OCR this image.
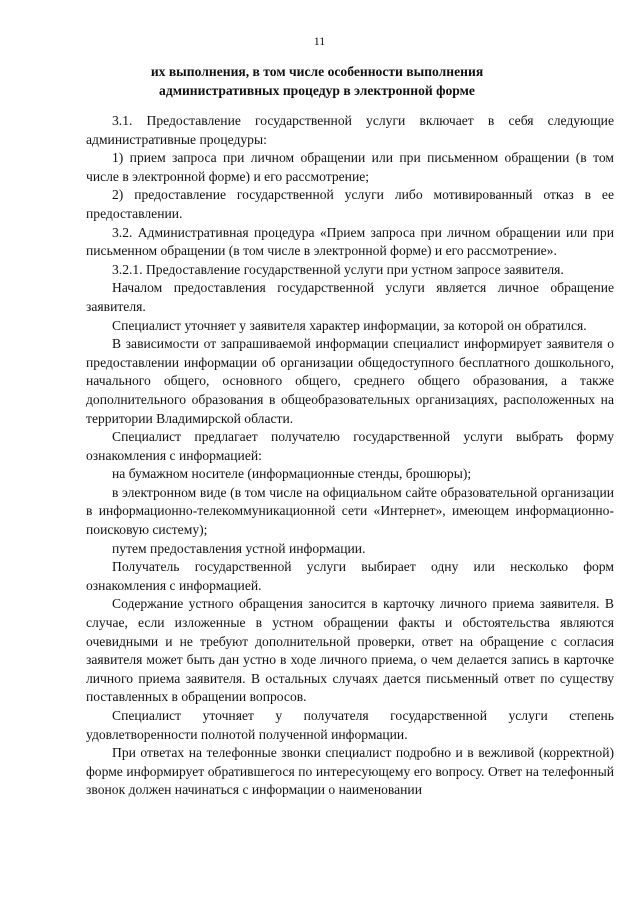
11
их выполнения, в том числе особенности выполнения
административных процедур в электронной форме

3.1. Предоставление государственной услуги включает в себя следующие административные процедуры:

1) прием запроса при личном обращении или при письменном обращении (в том числе в электронной форме) и его рассмотрение;

2) предоставление государственной услуги либо мотивированный отказ в ее предоставлении.

3.2. Административная процедура «Прием запроса при личном обращении или при письменном обращении (в том числе в электронной форме) и его рассмотрение».

3.2.1. Предоставление государственной услуги при устном запросе заявителя.

Началом предоставления государственной услуги является личное обращение заявителя.

Специалист уточняет у заявителя характер информации, за которой он обратился.

В зависимости от запрашиваемой информации специалист информирует заявителя о предоставлении информации об организации общедоступного бесплатного дошкольного, начального общего, основного общего, среднего общего образования, а также дополнительного образования в общеобразовательных организациях, расположенных на территории Владимирской области.

Специалист предлагает получателю государственной услуги выбрать форму ознакомления с информацией:

на бумажном носителе (информационные стенды, брошюры);

в электронном виде (в том числе на официальном сайте образовательной организации в информационно-телекоммуникационной сети «Интернет», имеющем информационно-поисковую систему);

путем предоставления устной информации.

Получатель государственной услуги выбирает одну или несколько форм ознакомления с информацией.

Содержание устного обращения заносится в карточку личного приема заявителя. В случае, если изложенные в устном обращении факты и обстоятельства являются очевидными и не требуют дополнительной проверки, ответ на обращение с согласия заявителя может быть дан устно в ходе личного приема, о чем делается запись в карточке личного приема заявителя. В остальных случаях дается письменный ответ по существу поставленных в обращении вопросов.

Специалист уточняет у получателя государственной услуги степень удовлетворенности полнотой полученной информации.

При ответах на телефонные звонки специалист подробно и в вежливой (корректной) форме информирует обратившегося по интересующему его вопросу. Ответ на телефонный звонок должен начинаться с информации о наименовании
